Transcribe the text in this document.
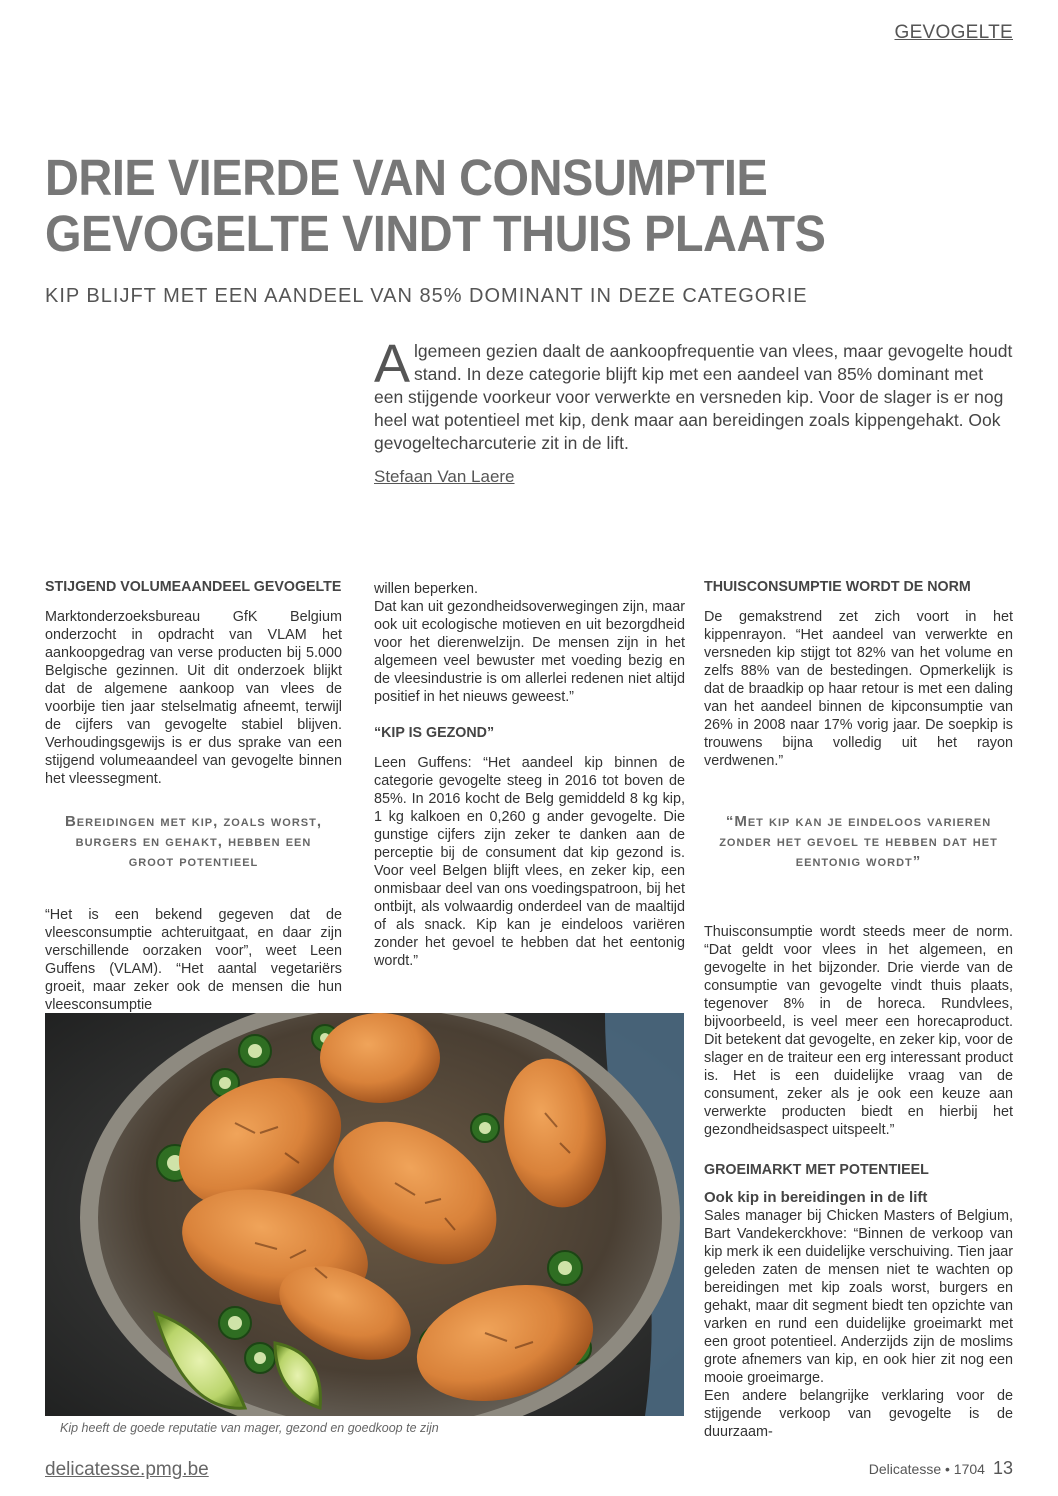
GEVOGELTE
DRIE VIERDE VAN CONSUMPTIE
GEVOGELTE VINDT THUIS PLAATS
KIP BLIJFT MET EEN AANDEEL VAN 85% DOMINANT IN DEZE CATEGORIE
Algemeen gezien daalt de aankoopfrequentie van vlees, maar gevogelte houdt stand. In deze categorie blijft kip met een aandeel van 85% dominant met een stijgende voorkeur voor verwerkte en versneden kip. Voor de slager is er nog heel wat potentieel met kip, denk maar aan bereidingen zoals kippengehakt. Ook gevogeltecharcuterie zit in de lift.
Stefaan Van Laere
STIJGEND VOLUMEAANDEEL GEVOGELTE

Marktonderzoeksbureau GfK Belgium onderzocht in opdracht van VLAM het aankoopgedrag van verse producten bij 5.000 Belgische gezinnen. Uit dit onderzoek blijkt dat de algemene aankoop van vlees de voorbije tien jaar stelselmatig afneemt, terwijl de cijfers van gevogelte stabiel blijven. Verhoudingsgewijs is er dus sprake van een stijgend volumeaandeel van gevogelte binnen het vleessegment.

Bereidingen met kip, zoals worst, burgers en gehakt, hebben een groot potentieel

“Het is een bekend gegeven dat de vleesconsumptie achteruitgaat, en daar zijn verschillende oorzaken voor”, weet Leen Guffens (VLAM). “Het aantal vegetariërs groeit, maar zeker ook de mensen die hun vleesconsumptie

willen beperken.

Dat kan uit gezondheidsoverwegingen zijn, maar ook uit ecologische motieven en uit bezorgdheid voor het dierenwelzijn. De mensen zijn in het algemeen veel bewuster met voeding bezig en de vleesindustrie is om allerlei redenen niet altijd positief in het nieuws geweest.”

“KIP IS GEZOND”

Leen Guffens: “Het aandeel kip binnen de categorie gevogelte steeg in 2016 tot boven de 85%. In 2016 kocht de Belg gemiddeld 8 kg kip, 1 kg kalkoen en 0,260 g ander gevogelte. Die gunstige cijfers zijn zeker te danken aan de perceptie bij de consument dat kip gezond is. Voor veel Belgen blijft vlees, en zeker kip, een onmisbaar deel van ons voedingspatroon, bij het ontbijt, als volwaardig onderdeel van de maaltijd of als snack. Kip kan je eindeloos variëren zonder het gevoel te hebben dat het eentonig wordt.”

THUISCONSUMPTIE WORDT DE NORM

De gemakstrend zet zich voort in het kippenrayon. “Het aandeel van verwerkte en versneden kip stijgt tot 82% van het volume en zelfs 88% van de bestedingen. Opmerkelijk is dat de braadkip op haar retour is met een daling van het aandeel binnen de kipconsumptie van 26% in 2008 naar 17% vorig jaar. De soepkip is trouwens bijna volledig uit het rayon verdwenen.”

“Met kip kan je eindeloos varieren zonder het gevoel te hebben dat het eentonig wordt”

Thuisconsumptie wordt steeds meer de norm. “Dat geldt voor vlees in het algemeen, en gevogelte in het bijzonder. Drie vierde van de consumptie van gevogelte vindt thuis plaats, tegenover 8% in de horeca. Rundvlees, bijvoorbeeld, is veel meer een horecaproduct. Dit betekent dat gevogelte, en zeker kip, voor de slager en de traiteur een erg interessant product is. Het is een duidelijke vraag van de consument, zeker als je ook een keuze aan verwerkte producten biedt en hierbij het gezondheidsaspect uitspeelt.”

GROEIMARKT MET POTENTIEEL
Ook kip in bereidingen in de lift

Sales manager bij Chicken Masters of Belgium, Bart Vandekerckhove: “Binnen de verkoop van kip merk ik een duidelijke verschuiving. Tien jaar geleden zaten de mensen niet te wachten op bereidingen met kip zoals worst, burgers en gehakt, maar dit segment biedt ten opzichte van varken en rund een duidelijke groeimarkt met een groot potentieel. Anderzijds zijn de moslims grote afnemers van kip, en ook hier zit nog een mooie groeimarge.

Een andere belangrijke verklaring voor de stijgende verkoop van gevogelte is de duurzaam-

Kip heeft de goede reputatie van mager, gezond en goedkoop te zijn
delicatesse.pmg.be	Delicatesse • 1704 13
